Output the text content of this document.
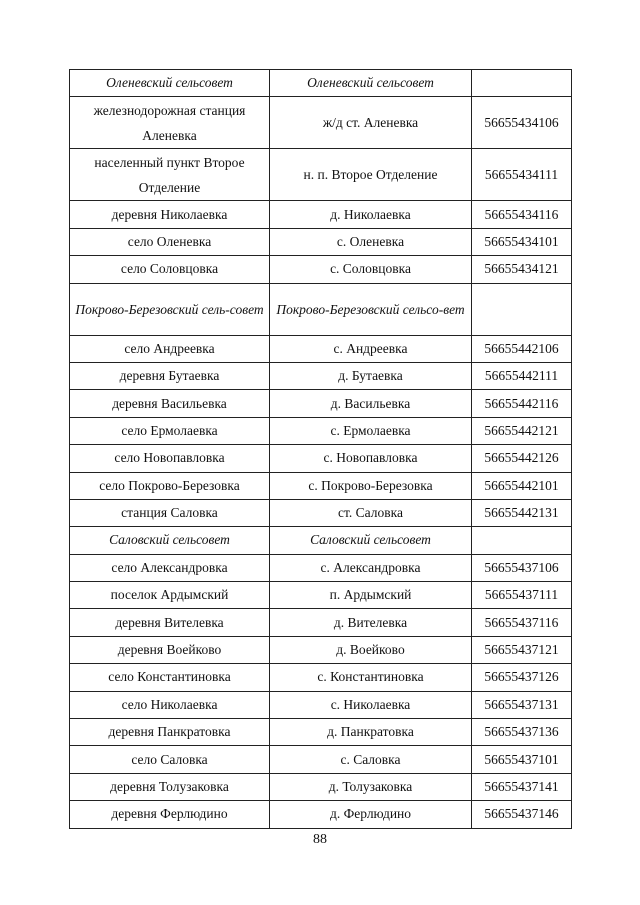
Оленевский сельсовет	Оленевский сельсовет	
железнодорожная станция Аленевка	ж/д ст. Аленевка	56655434106
населенный пункт Второе Отделение	н. п. Второе Отделение	56655434111
деревня Николаевка	д. Николаевка	56655434116
село Оленевка	с. Оленевка	56655434101
село Соловцовка	с. Соловцовка	56655434121
Покрово-Березовский сель-совет	Покрово-Березовский сельсо-вет	
село Андреевка	с. Андреевка	56655442106
деревня Бутаевка	д. Бутаевка	56655442111
деревня Васильевка	д. Васильевка	56655442116
село Ермолаевка	с. Ермолаевка	56655442121
село Новопавловка	с. Новопавловка	56655442126
село Покрово-Березовка	с. Покрово-Березовка	56655442101
станция Саловка	ст. Саловка	56655442131
Саловский сельсовет	Саловский сельсовет	
село Александровка	с. Александровка	56655437106
поселок Ардымский	п. Ардымский	56655437111
деревня Вителевка	д. Вителевка	56655437116
деревня Воейково	д. Воейково	56655437121
село Константиновка	с. Константиновка	56655437126
село Николаевка	с. Николаевка	56655437131
деревня Панкратовка	д. Панкратовка	56655437136
село Саловка	с. Саловка	56655437101
деревня Толузаковка	д. Толузаковка	56655437141
деревня Ферлюдино	д. Ферлюдино	56655437146
88
